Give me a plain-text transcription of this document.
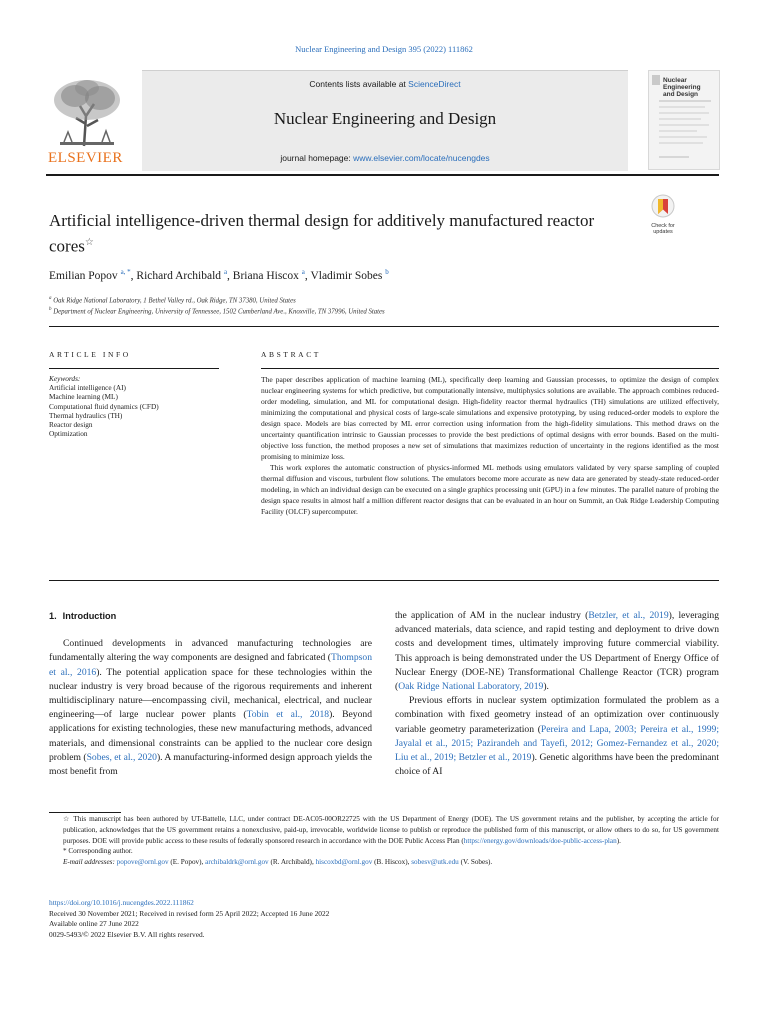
Nuclear Engineering and Design 395 (2022) 111862
ELSEVIER
Contents lists available at ScienceDirect
Nuclear Engineering and Design
journal homepage: www.elsevier.com/locate/nucengdes
Nuclear Engineering
and Design
Artificial intelligence-driven thermal design for additively manufactured reactor cores☆
Check for updates
Emilian Popov $^{a, *}$, Richard Archibald $^a$, Briana Hiscox $^a$, Vladimir Sobes $^b$
$^a$ Oak Ridge National Laboratory, 1 Bethel Valley rd., Oak Ridge, TN 37380, United States
$^b$ Department of Nuclear Engineering, University of Tennessee, 1502 Cumberland Ave., Knoxville, TN 37996, United States
ARTICLE INFO	ABSTRACT
Keywords:
Artificial intelligence (AI)
Machine learning (ML)
Computational fluid dynamics (CFD)
Thermal hydraulics (TH)
Reactor design
Optimization

The paper describes application of machine learning (ML), specifically deep learning and Gaussian processes, to optimize the design of complex nuclear engineering systems for which predictive, but computationally intensive, multiphysics solutions are available. The approach combines reduced-order modeling, simulation, and ML for computational design. High-fidelity reactor thermal hydraulics (TH) simulations are utilized effectively, minimizing the computational and physical costs of large-scale simulations and expensive prototyping, by using reduced-order models to explore the design space. Models are bias corrected by ML error correction using information from the high-fidelity simulations. This method draws on the uncertainty quantification intrinsic to Gaussian processes to provide the best predictions of optimal designs with error bounds. Based on the multi-objective loss function, the method proposes a new set of simulations that maximizes reduction of uncertainty in the regions identified as the most promising to minimize loss.

This work explores the automatic construction of physics-informed ML methods using emulators validated by very sparse sampling of coupled thermal diffusion and viscous, turbulent flow solutions. The emulators become more accurate as new data are generated by steady-state reduced-order modeling, in which an individual design can be executed on a single graphics processing unit (GPU) in a few minutes. The parallel nature of probing the design space results in almost half a million different reactor designs that can be evaluated in an hour on Summit, an Oak Ridge Leadership Computing Facility (OLCF) supercomputer.

1. Introduction

Continued developments in advanced manufacturing technologies are fundamentally altering the way components are designed and fabricated (Thompson et al., 2016). The potential application space for these technologies within the nuclear industry is very broad because of the rigorous requirements and inherent multidisciplinary nature—encompassing civil, mechanical, electrical, and nuclear engineering—of large nuclear power plants (Tobin et al., 2018). Beyond applications for existing technologies, these new manufacturing methods, advanced materials, and dimensional constraints can be applied to the nuclear core design problem (Sobes, et al., 2020). A manufacturing-informed design approach yields the most benefit from

the application of AM in the nuclear industry (Betzler, et al., 2019), leveraging advanced materials, data science, and rapid testing and deployment to drive down costs and development times, ultimately improving future commercial viability. This approach is being demonstrated under the US Department of Energy Office of Nuclear Energy (DOE-NE) Transformational Challenge Reactor (TCR) program (Oak Ridge National Laboratory, 2019).

Previous efforts in nuclear system optimization formulated the problem as a combination with fixed geometry instead of an optimization over continuously variable geometry parameterization (Pereira and Lapa, 2003; Pereira et al., 1999; Jayalal et al., 2015; Pazirandeh and Tayefi, 2012; Gomez-Fernandez et al., 2020; Liu et al., 2019; Betzler et al., 2019). Genetic algorithms have been the predominant choice of AI

☆ This manuscript has been authored by UT-Battelle, LLC, under contract DE-AC05-00OR22725 with the US Department of Energy (DOE). The US government retains and the publisher, by accepting the article for publication, acknowledges that the US government retains a nonexclusive, paid-up, irrevocable, worldwide license to publish or reproduce the published form of this manuscript, or allow others to do so, for US government purposes. DOE will provide public access to these results of federally sponsored research in accordance with the DOE Public Access Plan (https://energy.gov/downloads/doe-public-access-plan).

* Corresponding author.

E-mail addresses: popove@ornl.gov (E. Popov), archibaldrk@ornl.gov (R. Archibald), hiscoxbd@ornl.gov (B. Hiscox), sobesv@utk.edu (V. Sobes).

https://doi.org/10.1016/j.nucengdes.2022.111862
Received 30 November 2021; Received in revised form 25 April 2022; Accepted 16 June 2022
Available online 27 June 2022
0029-5493/© 2022 Elsevier B.V. All rights reserved.
